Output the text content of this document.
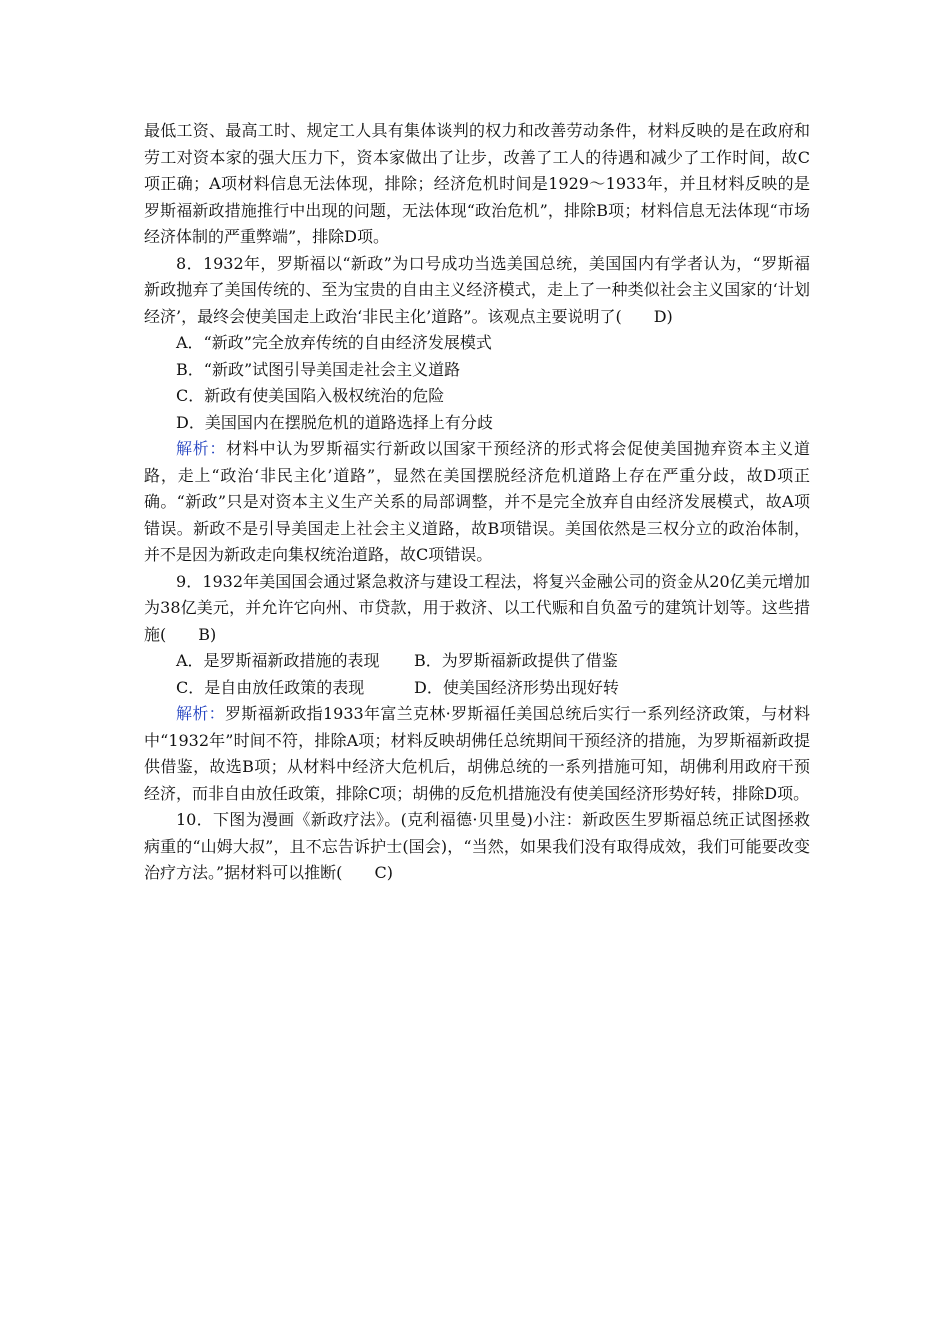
最低工资、最高工时、规定工人具有集体谈判的权力和改善劳动条件，材料反映的是在政府和劳工对资本家的强大压力下，资本家做出了让步，改善了工人的待遇和减少了工作时间，故C项正确；A项材料信息无法体现，排除；经济危机时间是1929～1933年，并且材料反映的是罗斯福新政措施推行中出现的问题，无法体现“政治危机”，排除B项；材料信息无法体现“市场经济体制的严重弊端”，排除D项。

8．1932年，罗斯福以“新政”为口号成功当选美国总统，美国国内有学者认为，“罗斯福新政抛弃了美国传统的、至为宝贵的自由主义经济模式，走上了一种类似社会主义国家的‘计划经济’，最终会使美国走上政治‘非民主化’道路”。该观点主要说明了( D)

A．“新政”完全放弃传统的自由经济发展模式

B．“新政”试图引导美国走社会主义道路

C．新政有使美国陷入极权统治的危险

D．美国国内在摆脱危机的道路选择上有分歧

解析：材料中认为罗斯福实行新政以国家干预经济的形式将会促使美国抛弃资本主义道路，走上“政治‘非民主化’道路”，显然在美国摆脱经济危机道路上存在严重分歧，故D项正确。“新政”只是对资本主义生产关系的局部调整，并不是完全放弃自由经济发展模式，故A项错误。新政不是引导美国走上社会主义道路，故B项错误。美国依然是三权分立的政治体制，并不是因为新政走向集权统治道路，故C项错误。

9．1932年美国国会通过紧急救济与建设工程法，将复兴金融公司的资金从20亿美元增加为38亿美元，并允许它向州、市贷款，用于救济、以工代赈和自负盈亏的建筑计划等。这些措施( B)

A．是罗斯福新政措施的表现	B．为罗斯福新政提供了借鉴
C．是自由放任政策的表现	D．使美国经济形势出现好转

解析：罗斯福新政指1933年富兰克林·罗斯福任美国总统后实行一系列经济政策，与材料中“1932年”时间不符，排除A项；材料反映胡佛任总统期间干预经济的措施，为罗斯福新政提供借鉴，故选B项；从材料中经济大危机后，胡佛总统的一系列措施可知，胡佛利用政府干预经济，而非自由放任政策，排除C项；胡佛的反危机措施没有使美国经济形势好转，排除D项。

10．下图为漫画《新政疗法》。(克利福德·贝里曼)小注：新政医生罗斯福总统正试图拯救病重的“山姆大叔”，且不忘告诉护士(国会)，“当然，如果我们没有取得成效，我们可能要改变治疗方法。”据材料可以推断( C)
